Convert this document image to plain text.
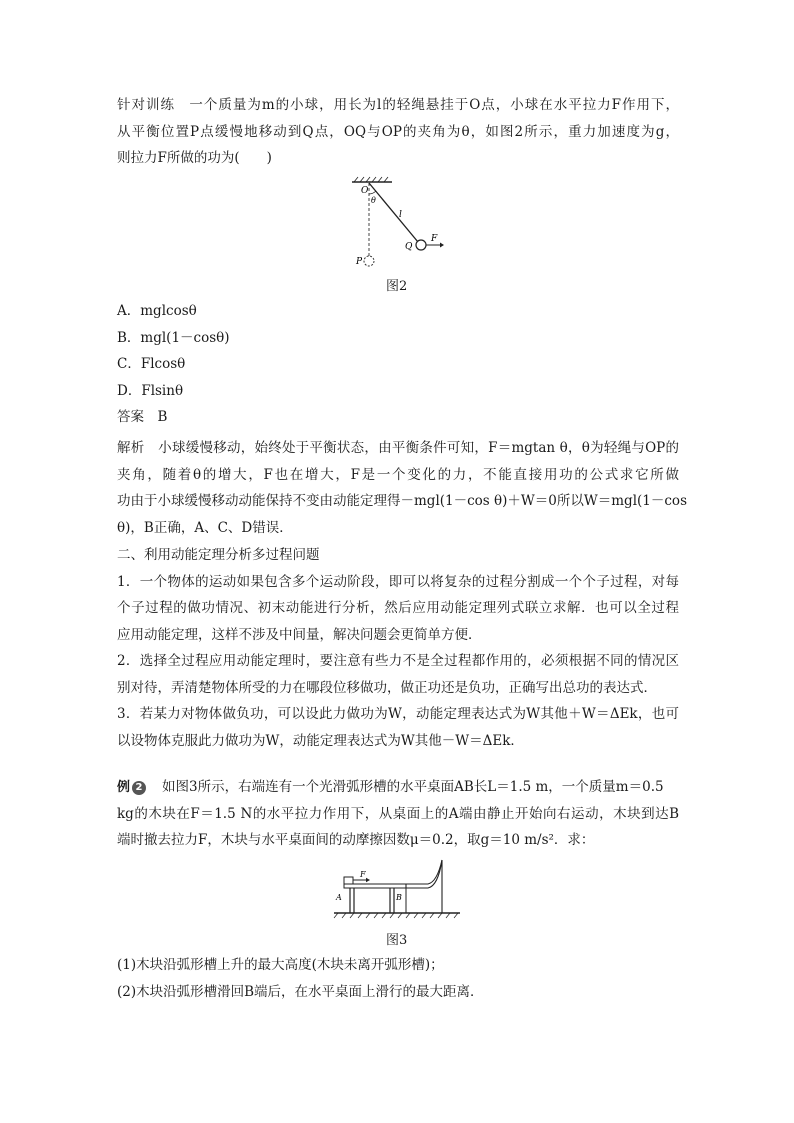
针对训练　一个质量为m的小球，用长为l的轻绳悬挂于O点，小球在水平拉力F作用下，
从平衡位置P点缓慢地移动到Q点，OQ与OP的夹角为θ，如图2所示，重力加速度为g，
则拉力F所做的功为(　　)
O
θ
l
Q
F
P
图2
A．mglcosθ
B．mgl(1－cosθ)
C．Flcosθ
D．Flsinθ
答案　B
解析　小球缓慢移动，始终处于平衡状态，由平衡条件可知，F＝mgtan θ，θ为轻绳与OP的
夹角，随着θ的增大，F也在增大，F是一个变化的力，不能直接用功的公式求它所做
功由于小球缓慢移动动能保持不变由动能定理得－mgl(1－cos θ)＋W＝0所以W＝mgl(1－cos
θ)，B正确，A、C、D错误．
二、利用动能定理分析多过程问题
1．一个物体的运动如果包含多个运动阶段，即可以将复杂的过程分割成一个个子过程，对每
个子过程的做功情况、初末动能进行分析，然后应用动能定理列式联立求解．也可以全过程
应用动能定理，这样不涉及中间量，解决问题会更简单方便．
2．选择全过程应用动能定理时，要注意有些力不是全过程都作用的，必须根据不同的情况区
别对待，弄清楚物体所受的力在哪段位移做功，做正功还是负功，正确写出总功的表达式．
3．若某力对物体做负功，可以设此力做功为W，动能定理表达式为W其他＋W＝ΔEk，也可
以设物体克服此力做功为W，动能定理表达式为W其他－W＝ΔEk．
例 2 如图3所示，右端连有一个光滑弧形槽的水平桌面AB长L＝1.5 m，一个质量m＝0.5
kg的木块在F＝1.5 N的水平拉力作用下，从桌面上的A端由静止开始向右运动，木块到达B
端时撤去拉力F，木块与水平桌面间的动摩擦因数μ＝0.2，取g＝10 m/s²．求：
F
A	B
图3
(1)木块沿弧形槽上升的最大高度(木块未离开弧形槽)；
(2)木块沿弧形槽滑回B端后，在水平桌面上滑行的最大距离．
